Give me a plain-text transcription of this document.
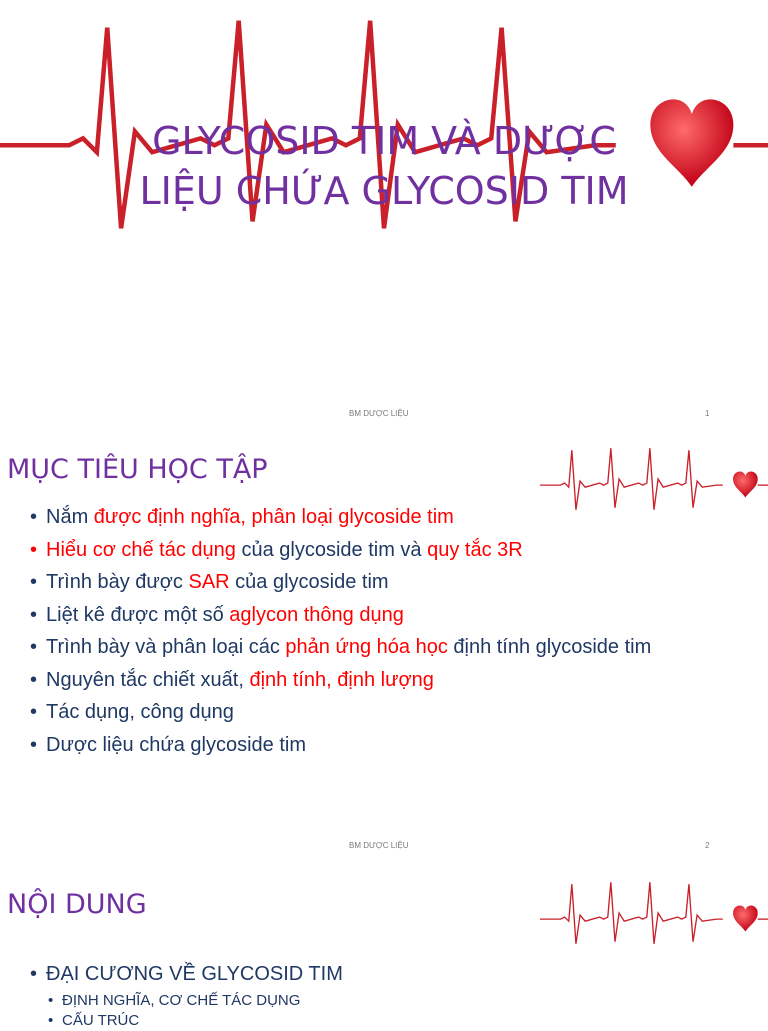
GLYCOSID TIM VÀ DƯỢC
LIỆU CHỨA GLYCOSID TIM
BM DƯỢC LIỆU	1
MỤC TIÊU HỌC TẬP
• Nắm được định nghĩa, phân loại glycoside tim
• Hiểu cơ chế tác dụng của glycoside tim và quy tắc 3R
• Trình bày được SAR của glycoside tim
• Liệt kê được một số aglycon thông dụng
• Trình bày và phân loại các phản ứng hóa học định tính glycoside tim
• Nguyên tắc chiết xuất, định tính, định lượng
• Tác dụng, công dụng
• Dược liệu chứa glycoside tim
BM DƯỢC LIỆU	2
NỘI DUNG
• ĐẠI CƯƠNG VỀ GLYCOSID TIM
• ĐỊNH NGHĨA, CƠ CHẾ TÁC DỤNG
• CẤU TRÚC
